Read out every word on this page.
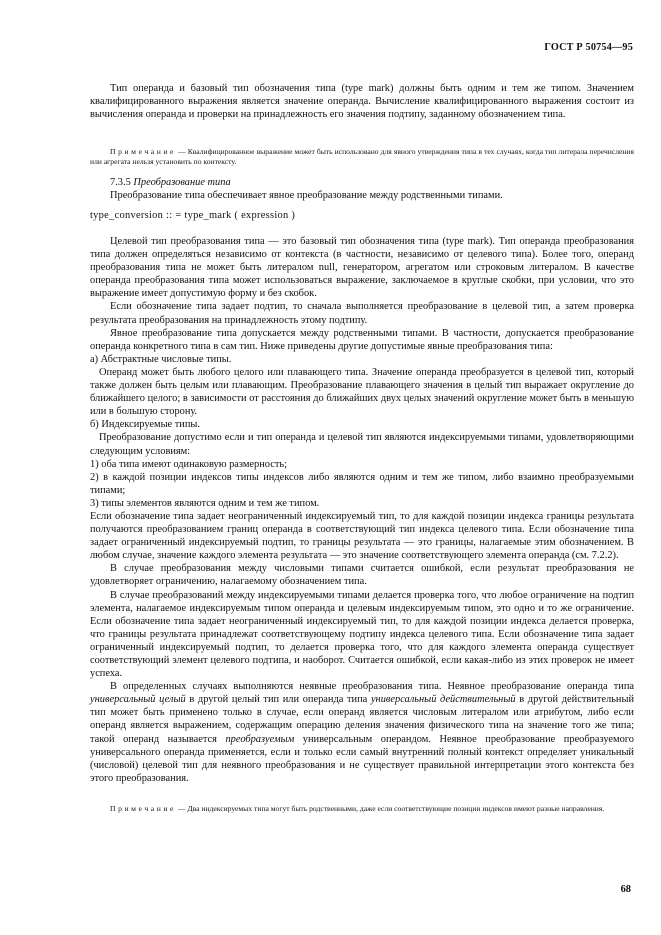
ГОСТ Р 50754—95

Тип операнда и базовый тип обозначения типа (type mark) должны быть одним и тем же типом. Значением квалифицированного выражения является значение операнда. Вычисление квалифицированного выражения состоит из вычисления операнда и проверки на принадлежность его значения подтипу, заданному обозначением типа.

Примечание — Квалифицированное выражение может быть использовано для явного утверждения типа в тех случаях, когда тип литерала перечисления или агрегата нельзя установить по контексту.

7.3.5 Преобразование типа

Преобразование типа обеспечивает явное преобразование между родственными типами.

type_conversion :: = type_mark ( expression )

Целевой тип преобразования типа — это базовый тип обозначения типа (type mark). Тип операнда преобразования типа должен определяться независимо от контекста (в частности, независимо от целевого типа). Более того, операнд преобразования типа не может быть литералом null, генератором, агрегатом или строковым литералом. В качестве операнда преобразования типа может использоваться выражение, заключаемое в круглые скобки, при условии, что это выражение имеет допустимую форму и без скобок.

Если обозначение типа задает подтип, то сначала выполняется преобразование в целевой тип, а затем проверка результата преобразования на принадлежность этому подтипу.

Явное преобразование типа допускается между родственными типами. В частности, допускается преобразование операнда конкретного типа в сам тип. Ниже приведены другие допустимые явные преобразования типа:

а) Абстрактные числовые типы.

Операнд может быть любого целого или плавающего типа. Значение операнда преобразуется в целевой тип, который также должен быть целым или плавающим. Преобразование плавающего значения в целый тип выражает округление до ближайшего целого; в зависимости от расстояния до ближайших двух целых значений округление может быть в меньшую или в большую сторону.

б) Индексируемые типы.

Преобразование допустимо если и тип операнда и целевой тип являются индексируемыми типами, удовлетворяющими следующим условиям:

1) оба типа имеют одинаковую размерность;

2) в каждой позиции индексов типы индексов либо являются одним и тем же типом, либо взаимно преобразуемыми типами;

3) типы элементов являются одним и тем же типом.

Если обозначение типа задает неограниченный индексируемый тип, то для каждой позиции индекса границы результата получаются преобразованием границ операнда в соответствующий тип индекса целевого типа. Если обозначение типа задает ограниченный индексируемый подтип, то границы результата — это границы, налагаемые этим обозначением. В любом случае, значение каждого элемента результата — это значение соответствующего элемента операнда (см. 7.2.2).

В случае преобразования между числовыми типами считается ошибкой, если результат преобразования не удовлетворяет ограничению, налагаемому обозначением типа.

В случае преобразований между индексируемыми типами делается проверка того, что любое ограничение на подтип элемента, налагаемое индексируемым типом операнда и целевым индексируемым типом, это одно и то же ограничение. Если обозначение типа задает неограниченный индексируемый тип, то для каждой позиции индекса делается проверка, что границы результата принадлежат соответствующему подтипу индекса целевого типа. Если обозначение типа задает ограниченный индексируемый подтип, то делается проверка того, что для каждого элемента операнда существует соответствующий элемент целевого подтипа, и наоборот. Считается ошибкой, если какая-либо из этих проверок не имеет успеха.

В определенных случаях выполняются неявные преобразования типа. Неявное преобразование операнда типа универсальный целый в другой целый тип или операнда типа универсальный действительный в другой действительный тип может быть применено только в случае, если операнд является числовым литералом или атрибутом, либо если операнд является выражением, содержащим операцию деления значения физического типа на значение того же типа; такой операнд называется преобразуемым универсальным операндом. Неявное преобразование преобразуемого универсального операнда применяется, если и только если самый внутренний полный контекст определяет уникальный (числовой) целевой тип для неявного преобразования и не существует правильной интерпретации этого контекста без этого преобразования.

Примечание — Два индексируемых типа могут быть родственными, даже если соответствующие позиции индексов имеют разные направления.

68
